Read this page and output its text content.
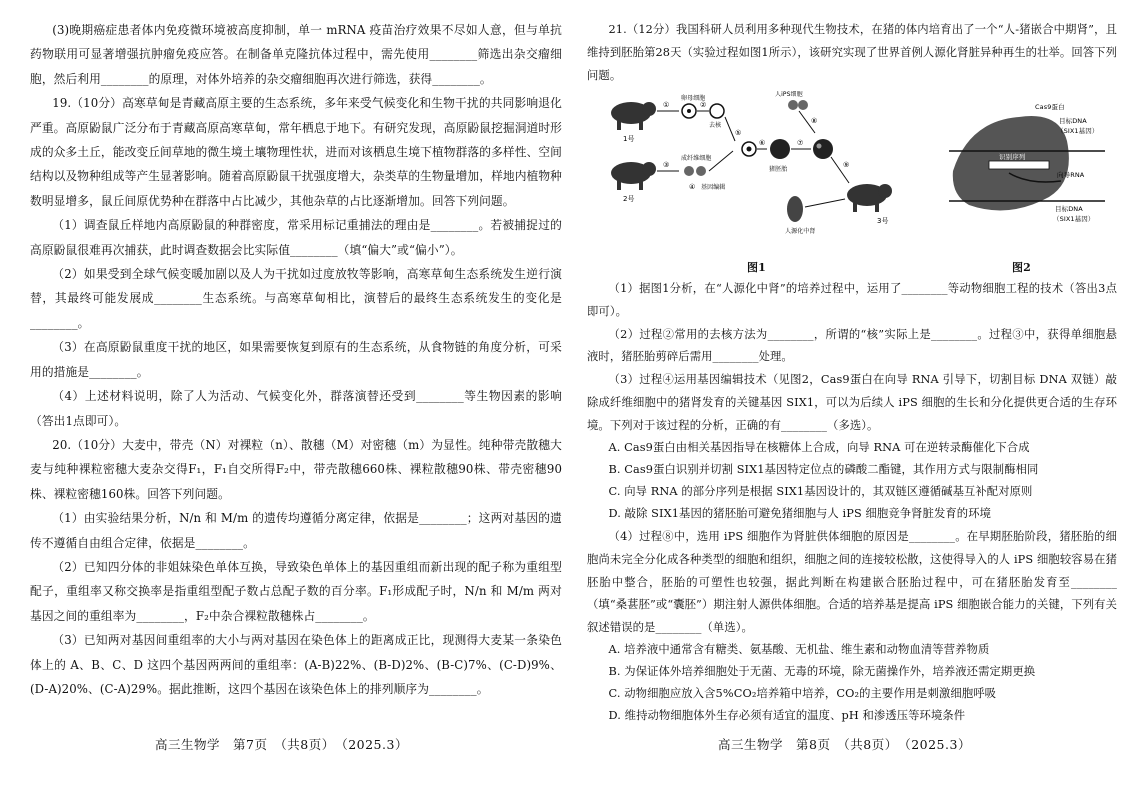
(3)晚期癌症患者体内免疫微环境被高度抑制，单一 mRNA 疫苗治疗效果不尽如人意，但与单抗药物联用可显著增强抗肿瘤免疫应答。在制备单克隆抗体过程中，需先使用________筛选出杂交瘤细胞，然后利用________的原理，对体外培养的杂交瘤细胞再次进行筛选，获得________。

19.（10分）高寒草甸是青藏高原主要的生态系统，多年来受气候变化和生物干扰的共同影响退化严重。高原鼢鼠广泛分布于青藏高原高寒草甸，常年栖息于地下。有研究发现，高原鼢鼠挖掘洞道时形成的众多土丘，能改变丘间草地的微生境土壤物理性状，进而对该栖息生境下植物群落的多样性、空间结构以及物种组成等产生显著影响。随着高原鼢鼠干扰强度增大，杂类草的生物量增加，样地内植物种数明显增多，鼠丘间原优势种在群落中占比减少，其他杂草的占比逐渐增加。回答下列问题。

（1）调查鼠丘样地内高原鼢鼠的种群密度，常采用标记重捕法的理由是________。若被捕捉过的高原鼢鼠很难再次捕获，此时调查数据会比实际值________（填“偏大”或“偏小”）。

（2）如果受到全球气候变暖加剧以及人为干扰如过度放牧等影响，高寒草甸生态系统发生逆行演替，其最终可能发展成________生态系统。与高寒草甸相比，演替后的最终生态系统发生的变化是________。

（3）在高原鼢鼠重度干扰的地区，如果需要恢复到原有的生态系统，从食物链的角度分析，可采用的措施是________。

（4）上述材料说明，除了人为活动、气候变化外，群落演替还受到________等生物因素的影响（答出1点即可）。

20.（10分）大麦中，带壳（N）对裸粒（n）、散穗（M）对密穗（m）为显性。纯种带壳散穗大麦与纯种裸粒密穗大麦杂交得F₁，F₁自交所得F₂中，带壳散穗660株、裸粒散穗90株、带壳密穗90株、裸粒密穗160株。回答下列问题。

（1）由实验结果分析，N/n 和 M/m 的遗传均遵循分离定律，依据是________；这两对基因的遗传不遵循自由组合定律，依据是________。

（2）已知四分体的非姐妹染色单体互换，导致染色单体上的基因重组而新出现的配子称为重组型配子，重组率又称交换率是指重组型配子数占总配子数的百分率。F₁形成配子时，N/n 和 M/m 两对基因之间的重组率为________，F₂中杂合裸粒散穗株占________。

（3）已知两对基因间重组率的大小与两对基因在染色体上的距离成正比，现测得大麦某一条染色体上的 A、B、C、D 这四个基因两两间的重组率：(A-B)22%、(B-D)2%、(B-C)7%、(C-D)9%、(D-A)20%、(C-A)29%。据此推断，这四个基因在该染色体上的排列顺序为________。

高三生物学　第7页　（共8页）　（2025.3）

21.（12分）我国科研人员利用多种现代生物技术，在猪的体内培育出了一个“人-猪嵌合中期肾”，且维持到胚胎第28天（实验过程如图1所示），该研究实现了世界首例人源化肾脏异种再生的壮举。回答下列问题。

1号
2号
①
③
卵母细胞
②
去核
成纤维细胞
④ 基因编辑
⑤
⑥
猪胚胎
人iPS细胞
⑧
⑦
⑨
3号
人源化中肾
Cas9蛋白
目标DNA
（SIX1基因）
识别序列
向导RNA
目标DNA
（SIX1基因）
图1	图2

（1）据图1分析，在“人源化中肾”的培养过程中，运用了________等动物细胞工程的技术（答出3点即可）。

（2）过程②常用的去核方法为________，所谓的“核”实际上是________。过程③中，获得单细胞悬液时，猪胚胎剪碎后需用________处理。

（3）过程④运用基因编辑技术（见图2，Cas9蛋白在向导 RNA 引导下，切割目标 DNA 双链）敲除成纤维细胞中的猪肾发育的关键基因 SIX1，可以为后续人 iPS 细胞的生长和分化提供更合适的生存环境。下列对于该过程的分析，正确的有________（多选）。

A. Cas9蛋白由相关基因指导在核糖体上合成，向导 RNA 可在逆转录酶催化下合成

B. Cas9蛋白识别并切割 SIX1基因特定位点的磷酸二酯键，其作用方式与限制酶相同

C. 向导 RNA 的部分序列是根据 SIX1基因设计的，其双链区遵循碱基互补配对原则

D. 敲除 SIX1基因的猪胚胎可避免猪细胞与人 iPS 细胞竞争肾脏发育的环境

（4）过程⑧中，选用 iPS 细胞作为肾脏供体细胞的原因是________。在早期胚胎阶段，猪胚胎的细胞尚未完全分化成各种类型的细胞和组织，细胞之间的连接较松散，这使得导入的人 iPS 细胞较容易在猪胚胎中整合，胚胎的可塑性也较强，据此判断在构建嵌合胚胎过程中，可在猪胚胎发育至________（填“桑葚胚”或“囊胚”）期注射人源供体细胞。合适的培养基是提高 iPS 细胞嵌合能力的关键，下列有关叙述错误的是________（单选）。

A. 培养液中通常含有糖类、氨基酸、无机盐、维生素和动物血清等营养物质

B. 为保证体外培养细胞处于无菌、无毒的环境，除无菌操作外，培养液还需定期更换

C. 动物细胞应放入含5%CO₂培养箱中培养，CO₂的主要作用是刺激细胞呼吸

D. 维持动物细胞体外生存必须有适宜的温度、pH 和渗透压等环境条件

高三生物学　第8页　（共8页）　（2025.3）
